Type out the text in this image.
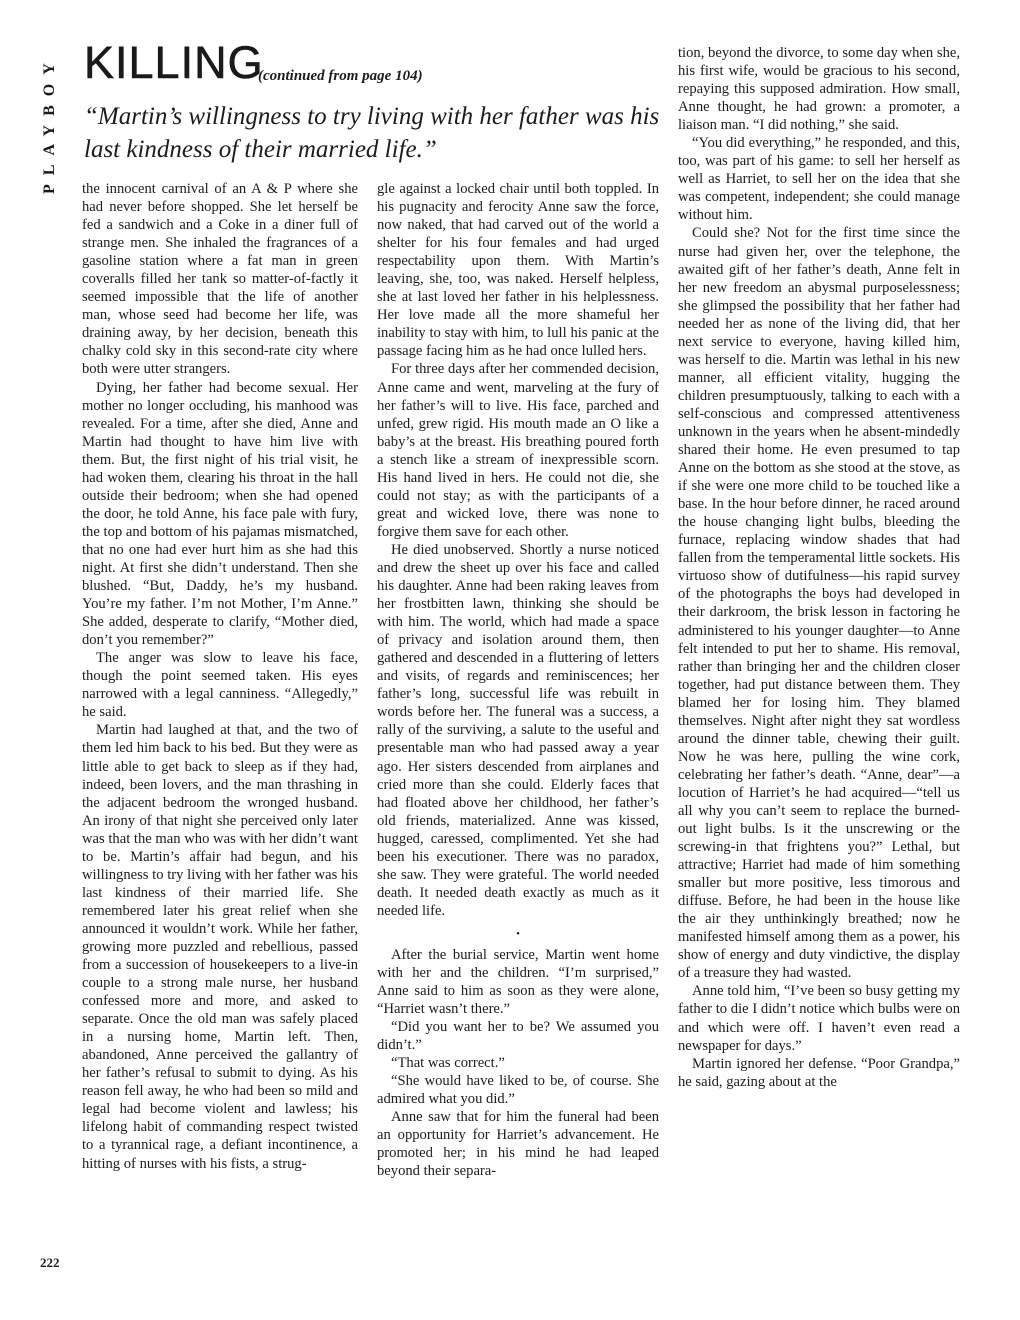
PLAYBOY KILLING
(continued from page 104)

“Martin’s willingness to try living with her father was his last kindness of their married life.”

the innocent carnival of an A & P where she had never before shopped. She let herself be fed a sandwich and a Coke in a diner full of strange men. She inhaled the fragrances of a gasoline station where a fat man in green coveralls filled her tank so matter-of-factly it seemed impossible that the life of another man, whose seed had become her life, was draining away, by her decision, beneath this chalky cold sky in this second-rate city where both were utter strangers.

Dying, her father had become sexual. Her mother no longer occluding, his manhood was revealed. For a time, after she died, Anne and Martin had thought to have him live with them. But, the first night of his trial visit, he had woken them, clearing his throat in the hall outside their bedroom; when she had opened the door, he told Anne, his face pale with fury, the top and bottom of his pajamas mismatched, that no one had ever hurt him as she had this night. At first she didn’t understand. Then she blushed. “But, Daddy, he’s my husband. You’re my father. I’m not Mother, I’m Anne.” She added, desperate to clarify, “Mother died, don’t you remember?”

The anger was slow to leave his face, though the point seemed taken. His eyes narrowed with a legal canniness. “Allegedly,” he said.

Martin had laughed at that, and the two of them led him back to his bed. But they were as little able to get back to sleep as if they had, indeed, been lovers, and the man thrashing in the adjacent bedroom the wronged husband. An irony of that night she perceived only later was that the man who was with her didn’t want to be. Martin’s affair had begun, and his willingness to try living with her father was his last kindness of their married life. She remembered later his great relief when she announced it wouldn’t work. While her father, growing more puzzled and rebellious, passed from a succession of housekeepers to a live-in couple to a strong male nurse, her husband confessed more and more, and asked to separate. Once the old man was safely placed in a nursing home, Martin left. Then, abandoned, Anne perceived the gallantry of her father’s refusal to submit to dying. As his reason fell away, he who had been so mild and legal had become violent and lawless; his lifelong habit of commanding respect twisted to a tyrannical rage, a defiant incontinence, a hitting of nurses with his fists, a strug-

gle against a locked chair until both toppled. In his pugnacity and ferocity Anne saw the force, now naked, that had carved out of the world a shelter for his four females and had urged respectability upon them. With Martin’s leaving, she, too, was naked. Herself helpless, she at last loved her father in his helplessness. Her love made all the more shameful her inability to stay with him, to lull his panic at the passage facing him as he had once lulled hers.

For three days after her commended decision, Anne came and went, marveling at the fury of her father’s will to live. His face, parched and unfed, grew rigid. His mouth made an O like a baby’s at the breast. His breathing poured forth a stench like a stream of inexpressible scorn. His hand lived in hers. He could not die, she could not stay; as with the participants of a great and wicked love, there was none to forgive them save for each other.

He died unobserved. Shortly a nurse noticed and drew the sheet up over his face and called his daughter. Anne had been raking leaves from her frostbitten lawn, thinking she should be with him. The world, which had made a space of privacy and isolation around them, then gathered and descended in a fluttering of letters and visits, of regards and reminiscences; her father’s long, successful life was rebuilt in words before her. The funeral was a success, a rally of the surviving, a salute to the useful and presentable man who had passed away a year ago. Her sisters descended from airplanes and cried more than she could. Elderly faces that had floated above her childhood, her father’s old friends, materialized. Anne was kissed, hugged, caressed, complimented. Yet she had been his executioner. There was no paradox, she saw. They were grateful. The world needed death. It needed death exactly as much as it needed life.

•

After the burial service, Martin went home with her and the children. “I’m surprised,” Anne said to him as soon as they were alone, “Harriet wasn’t there.”

“Did you want her to be? We assumed you didn’t.”

“That was correct.”

“She would have liked to be, of course. She admired what you did.”

Anne saw that for him the funeral had been an opportunity for Harriet’s advancement. He promoted her; in his mind he had leaped beyond their separa-

tion, beyond the divorce, to some day when she, his first wife, would be gracious to his second, repaying this supposed admiration. How small, Anne thought, he had grown: a promoter, a liaison man. “I did nothing,” she said.

“You did everything,” he responded, and this, too, was part of his game: to sell her herself as well as Harriet, to sell her on the idea that she was competent, independent; she could manage without him.

Could she? Not for the first time since the nurse had given her, over the telephone, the awaited gift of her father’s death, Anne felt in her new freedom an abysmal purposelessness; she glimpsed the possibility that her father had needed her as none of the living did, that her next service to everyone, having killed him, was herself to die. Martin was lethal in his new manner, all efficient vitality, hugging the children presumptuously, talking to each with a self-conscious and compressed attentiveness unknown in the years when he absent-mindedly shared their home. He even presumed to tap Anne on the bottom as she stood at the stove, as if she were one more child to be touched like a base. In the hour before dinner, he raced around the house changing light bulbs, bleeding the furnace, replacing window shades that had fallen from the temperamental little sockets. His virtuoso show of dutifulness—his rapid survey of the photographs the boys had developed in their darkroom, the brisk lesson in factoring he administered to his younger daughter—to Anne felt intended to put her to shame. His removal, rather than bringing her and the children closer together, had put distance between them. They blamed her for losing him. They blamed themselves. Night after night they sat wordless around the dinner table, chewing their guilt. Now he was here, pulling the wine cork, celebrating her father’s death. “Anne, dear”—a locution of Harriet’s he had acquired—“tell us all why you can’t seem to replace the burned-out light bulbs. Is it the unscrewing or the screwing-in that frightens you?” Lethal, but attractive; Harriet had made of him something smaller but more positive, less timorous and diffuse. Before, he had been in the house like the air they unthinkingly breathed; now he manifested himself among them as a power, his show of energy and duty vindictive, the display of a treasure they had wasted.

Anne told him, “I’ve been so busy getting my father to die I didn’t notice which bulbs were on and which were off. I haven’t even read a newspaper for days.”

Martin ignored her defense. “Poor Grandpa,” he said, gazing about at the

222
